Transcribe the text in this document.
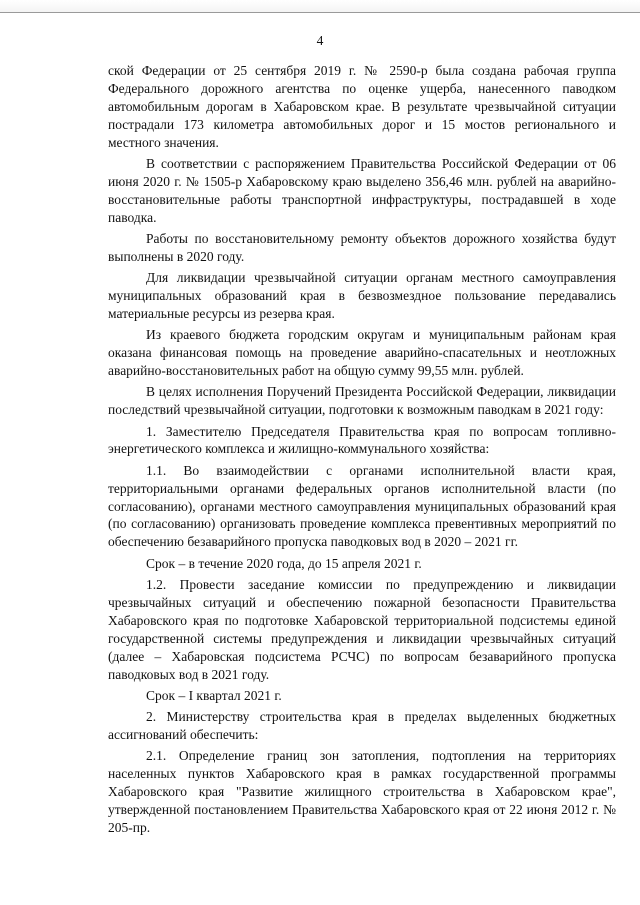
4

ской Федерации от 25 сентября 2019 г. № 2590-р была создана рабочая группа Федерального дорожного агентства по оценке ущерба, нанесенного паводком автомобильным дорогам в Хабаровском крае. В результате чрезвычайной ситуации пострадали 173 километра автомобильных дорог и 15 мостов регионального и местного значения.

В соответствии с распоряжением Правительства Российской Федерации от 06 июня 2020 г. № 1505-р Хабаровскому краю выделено 356,46 млн. рублей на аварийно-восстановительные работы транспортной инфраструктуры, пострадавшей в ходе паводка.

Работы по восстановительному ремонту объектов дорожного хозяйства будут выполнены в 2020 году.

Для ликвидации чрезвычайной ситуации органам местного самоуправления муниципальных образований края в безвозмездное пользование передавались материальные ресурсы из резерва края.

Из краевого бюджета городским округам и муниципальным районам края оказана финансовая помощь на проведение аварийно-спасательных и неотложных аварийно-восстановительных работ на общую сумму 99,55 млн. рублей.

В целях исполнения Поручений Президента Российской Федерации, ликвидации последствий чрезвычайной ситуации, подготовки к возможным паводкам в 2021 году:

1. Заместителю Председателя Правительства края по вопросам топливно-энергетического комплекса и жилищно-коммунального хозяйства:

1.1. Во взаимодействии с органами исполнительной власти края, территориальными органами федеральных органов исполнительной власти (по согласованию), органами местного самоуправления муниципальных образований края (по согласованию) организовать проведение комплекса превентивных мероприятий по обеспечению безаварийного пропуска паводковых вод в 2020 – 2021 гг.

Срок – в течение 2020 года, до 15 апреля 2021 г.

1.2. Провести заседание комиссии по предупреждению и ликвидации чрезвычайных ситуаций и обеспечению пожарной безопасности Правительства Хабаровского края по подготовке Хабаровской территориальной подсистемы единой государственной системы предупреждения и ликвидации чрезвычайных ситуаций (далее – Хабаровская подсистема РСЧС) по вопросам безаварийного пропуска паводковых вод в 2021 году.

Срок – I квартал 2021 г.

2. Министерству строительства края в пределах выделенных бюджетных ассигнований обеспечить:

2.1. Определение границ зон затопления, подтопления на территориях населенных пунктов Хабаровского края в рамках государственной программы Хабаровского края "Развитие жилищного строительства в Хабаровском крае", утвержденной постановлением Правительства Хабаровского края от 22 июня 2012 г. № 205-пр.
